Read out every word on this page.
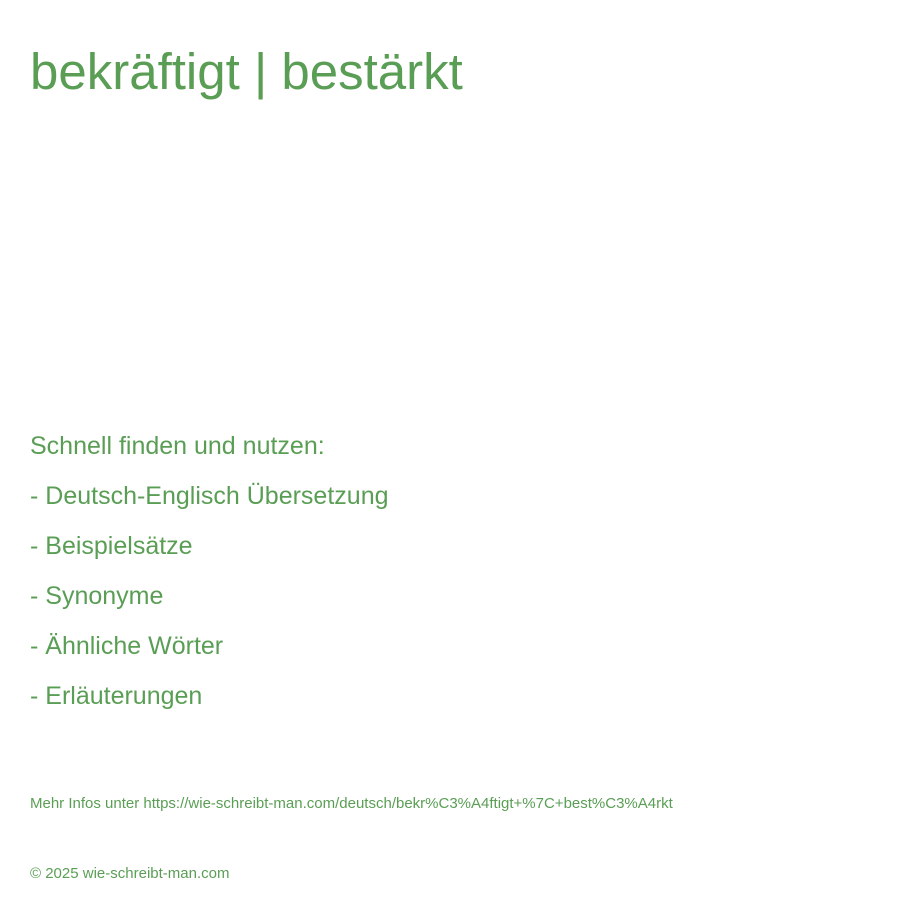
bekräftigt | bestärkt
Schnell finden und nutzen:
- Deutsch-Englisch Übersetzung
- Beispielsätze
- Synonyme
- Ähnliche Wörter
- Erläuterungen
Mehr Infos unter https://wie-schreibt-man.com/deutsch/bekr%C3%A4ftigt+%7C+best%C3%A4rkt
© 2025 wie-schreibt-man.com
